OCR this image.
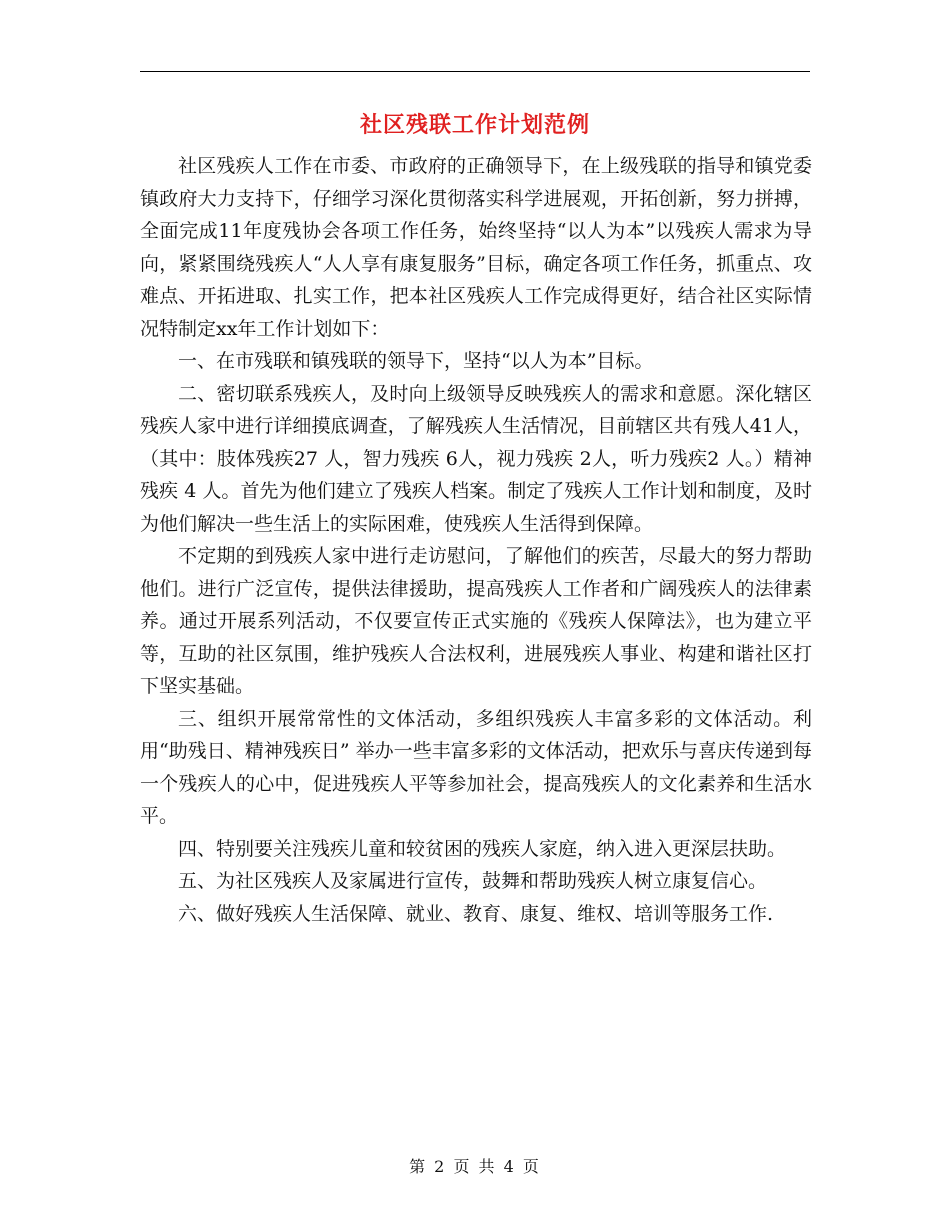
社区残联工作计划范例

社区残疾人工作在市委、市政府的正确领导下，在上级残联的指导和镇党委镇政府大力支持下，仔细学习深化贯彻落实科学进展观，开拓创新，努力拼搏，全面完成11年度残协会各项工作任务，始终坚持“以人为本”以残疾人需求为导向，紧紧围绕残疾人“人人享有康复服务”目标，确定各项工作任务，抓重点、攻难点、开拓进取、扎实工作，把本社区残疾人工作完成得更好，结合社区实际情况特制定xx年工作计划如下：

一、在市残联和镇残联的领导下，坚持“以人为本”目标。

二、密切联系残疾人，及时向上级领导反映残疾人的需求和意愿。深化辖区残疾人家中进行详细摸底调查，了解残疾人生活情况，目前辖区共有残人41人，（其中：肢体残疾27 人，智力残疾 6人，视力残疾 2人，听力残疾2 人。）精神残疾 4 人。首先为他们建立了残疾人档案。制定了残疾人工作计划和制度，及时为他们解决一些生活上的实际困难，使残疾人生活得到保障。

不定期的到残疾人家中进行走访慰问，了解他们的疾苦，尽最大的努力帮助他们。进行广泛宣传，提供法律援助，提高残疾人工作者和广阔残疾人的法律素养。通过开展系列活动，不仅要宣传正式实施的《残疾人保障法》，也为建立平等，互助的社区氛围，维护残疾人合法权利，进展残疾人事业、构建和谐社区打下坚实基础。

三、组织开展常常性的文体活动，多组织残疾人丰富多彩的文体活动。利用“助残日、精神残疾日” 举办一些丰富多彩的文体活动，把欢乐与喜庆传递到每一个残疾人的心中，促进残疾人平等参加社会，提高残疾人的文化素养和生活水平。

四、特别要关注残疾儿童和较贫困的残疾人家庭，纳入进入更深层扶助。

五、为社区残疾人及家属进行宣传，鼓舞和帮助残疾人树立康复信心。

六、做好残疾人生活保障、就业、教育、康复、维权、培训等服务工作.

第 2 页 共 4 页
